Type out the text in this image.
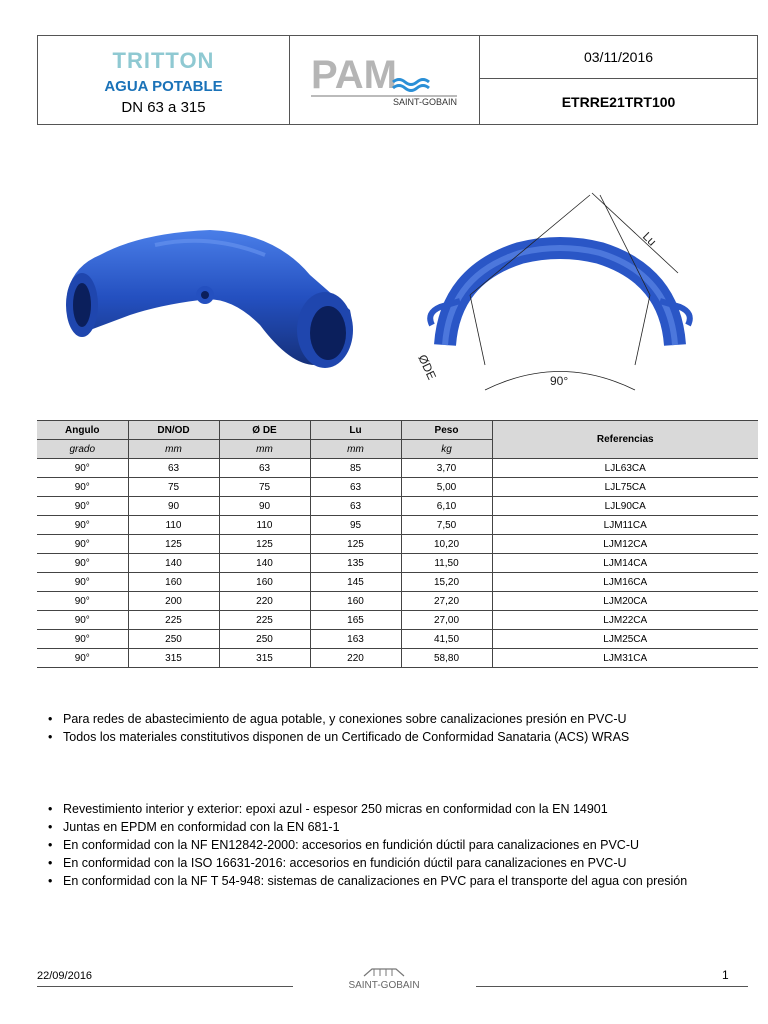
TRITTON
AGUA POTABLE
DN 63 a 315
PAM
SAINT-GOBAIN
03/11/2016
ETRRE21TRT100
Lu
90°
ØDE
Angulo	DN/OD	Ø DE	Lu	Peso	Referencias
grado	mm	mm	mm	kg	
90°	63	63	85	3,70	LJL63CA
90°	75	75	63	5,00	LJL75CA
90°	90	90	63	6,10	LJL90CA
90°	110	110	95	7,50	LJM11CA
90°	125	125	125	10,20	LJM12CA
90°	140	140	135	11,50	LJM14CA
90°	160	160	145	15,20	LJM16CA
90°	200	220	160	27,20	LJM20CA
90°	225	225	165	27,00	LJM22CA
90°	250	250	163	41,50	LJM25CA
90°	315	315	220	58,80	LJM31CA
• Para redes de abastecimiento de agua potable, y conexiones sobre canalizaciones presión en PVC-U
• Todos los materiales constitutivos disponen de un Certificado de Conformidad Sanataria (ACS) WRAS
• Revestimiento interior y exterior: epoxi azul - espesor 250 micras en conformidad con la EN 14901
• Juntas en EPDM en conformidad con la EN 681-1
• En conformidad con la NF EN12842-2000: accesorios en fundición dúctil para canalizaciones en PVC-U
• En conformidad con la ISO 16631-2016: accesorios en fundición dúctil para canalizaciones en PVC-U
• En conformidad con la NF T 54-948: sistemas de canalizaciones en PVC para el transporte del agua con presión
22/09/2016
SAINT-GOBAIN
1
